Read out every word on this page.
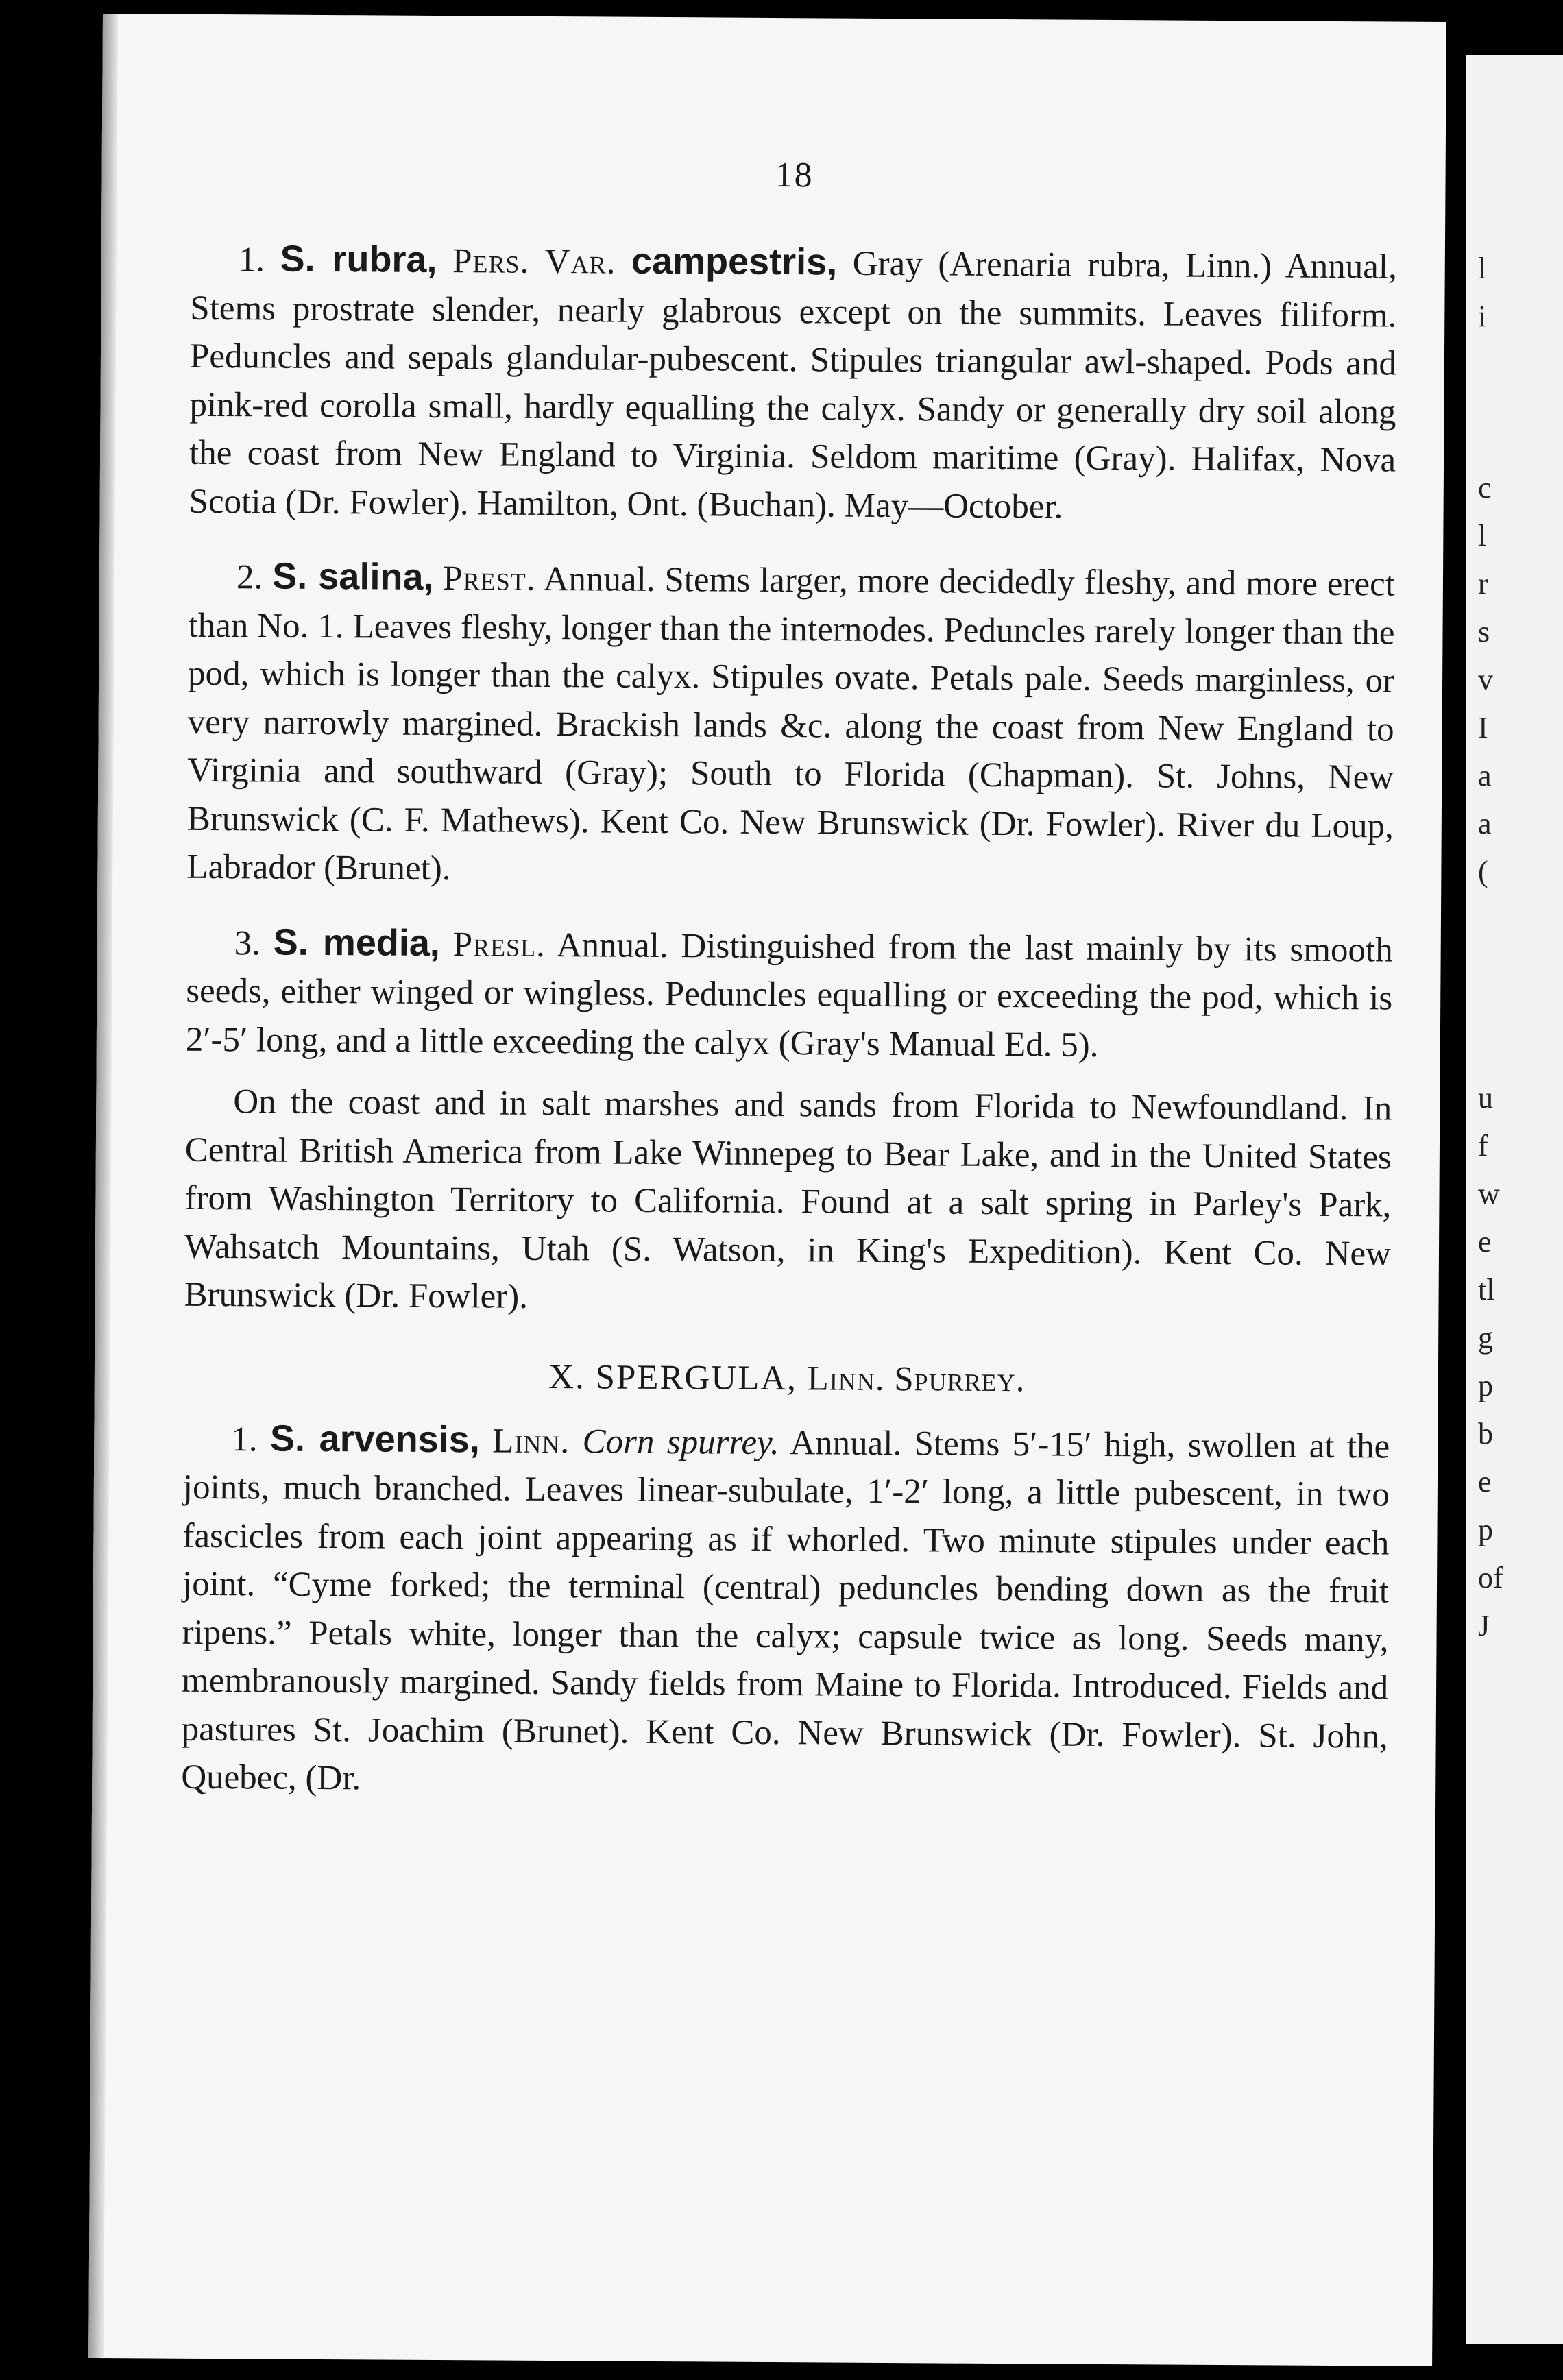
l
i
c
l
r
s
v
I
a
a
(
u
f
w
e
tl
g
p
b
e
p
of
J
18

1. S. rubra, Pers. Var. campestris, Gray (Arenaria rubra, Linn.) Annual, Stems prostrate slender, nearly glabrous except on the summits. Leaves filiform. Peduncles and sepals glandular-pubescent. Stipules triangular awl-shaped. Pods and pink-red corolla small, hardly equalling the calyx. Sandy or generally dry soil along the coast from New England to Virginia. Seldom maritime (Gray). Halifax, Nova Scotia (Dr. Fowler). Hamilton, Ont. (Buchan). May—October.

2. S. salina, Prest. Annual. Stems larger, more decidedly fleshy, and more erect than No. 1. Leaves fleshy, longer than the internodes. Peduncles rarely longer than the pod, which is longer than the calyx. Stipules ovate. Petals pale. Seeds marginless, or very narrowly margined. Brackish lands &c. along the coast from New England to Virginia and southward (Gray); South to Florida (Chapman). St. Johns, New Brunswick (C. F. Mathews). Kent Co. New Brunswick (Dr. Fowler). River du Loup, Labrador (Brunet).

3. S. media, Presl. Annual. Distinguished from the last mainly by its smooth seeds, either winged or wingless. Peduncles equalling or exceeding the pod, which is 2′-5′ long, and a little exceeding the calyx (Gray's Manual Ed. 5).

On the coast and in salt marshes and sands from Florida to Newfoundland. In Central British America from Lake Winnepeg to Bear Lake, and in the United States from Washington Territory to California. Found at a salt spring in Parley's Park, Wahsatch Mountains, Utah (S. Watson, in King's Expedition). Kent Co. New Brunswick (Dr. Fowler).

X. SPERGULA, Linn. Spurrey.

1. S. arvensis, Linn. Corn spurrey. Annual. Stems 5′-15′ high, swollen at the joints, much branched. Leaves linear-subulate, 1′-2′ long, a little pubescent, in two fascicles from each joint appearing as if whorled. Two minute stipules under each joint. “Cyme forked; the terminal (central) peduncles bending down as the fruit ripens.” Petals white, longer than the calyx; capsule twice as long. Seeds many, membranously margined. Sandy fields from Maine to Florida. Introduced. Fields and pastures St. Joachim (Brunet). Kent Co. New Brunswick (Dr. Fowler). St. John, Quebec, (Dr.
